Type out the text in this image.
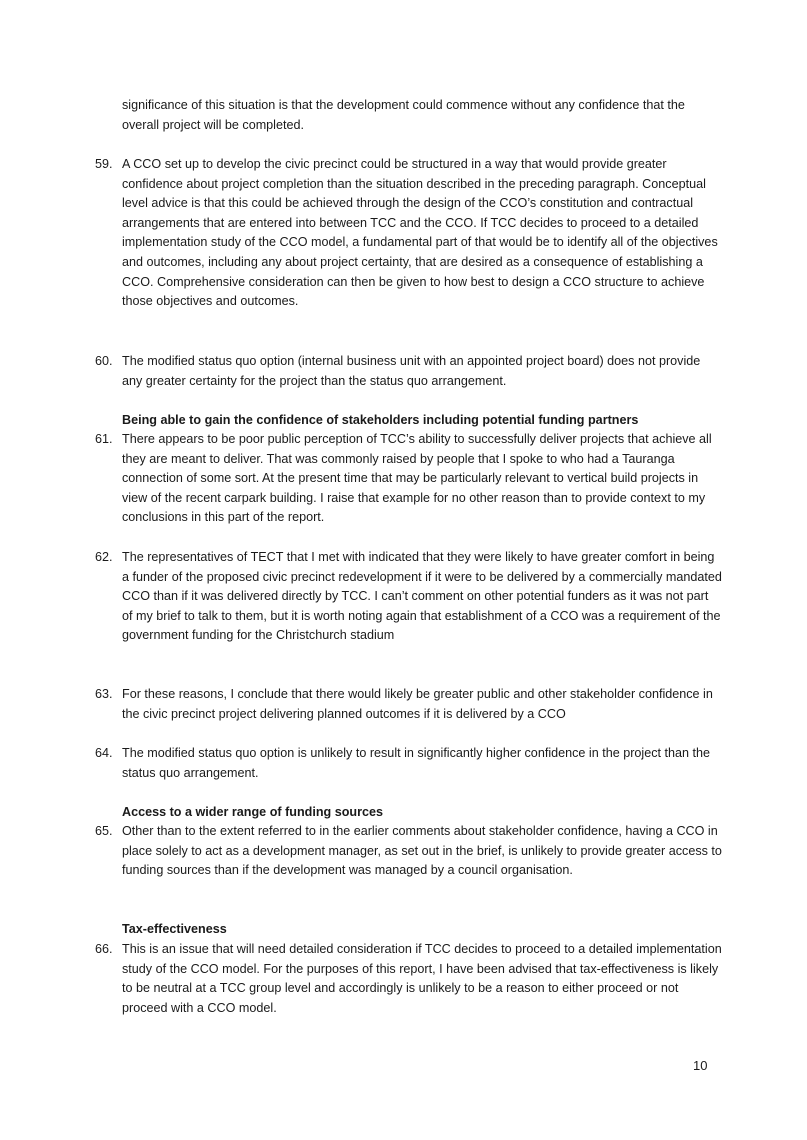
significance of this situation is that the development could commence without any confidence that the overall project will be completed.

59. A CCO set up to develop the civic precinct could be structured in a way that would provide greater confidence about project completion than the situation described in the preceding paragraph. Conceptual level advice is that this could be achieved through the design of the CCO’s constitution and contractual arrangements that are entered into between TCC and the CCO. If TCC decides to proceed to a detailed implementation study of the CCO model, a fundamental part of that would be to identify all of the objectives and outcomes, including any about project certainty, that are desired as a consequence of establishing a CCO. Comprehensive consideration can then be given to how best to design a CCO structure to achieve those objectives and outcomes.
60. The modified status quo option (internal business unit with an appointed project board) does not provide any greater certainty for the project than the status quo arrangement.
Being able to gain the confidence of stakeholders including potential funding partners
61. There appears to be poor public perception of TCC’s ability to successfully deliver projects that achieve all they are meant to deliver. That was commonly raised by people that I spoke to who had a Tauranga connection of some sort. At the present time that may be particularly relevant to vertical build projects in view of the recent carpark building. I raise that example for no other reason than to provide context to my conclusions in this part of the report.
62. The representatives of TECT that I met with indicated that they were likely to have greater comfort in being a funder of the proposed civic precinct redevelopment if it were to be delivered by a commercially mandated CCO than if it was delivered directly by TCC. I can’t comment on other potential funders as it was not part of my brief to talk to them, but it is worth noting again that establishment of a CCO was a requirement of the government funding for the Christchurch stadium
63. For these reasons, I conclude that there would likely be greater public and other stakeholder confidence in the civic precinct project delivering planned outcomes if it is delivered by a CCO
64. The modified status quo option is unlikely to result in significantly higher confidence in the project than the status quo arrangement.
Access to a wider range of funding sources
65. Other than to the extent referred to in the earlier comments about stakeholder confidence, having a CCO in place solely to act as a development manager, as set out in the brief, is unlikely to provide greater access to funding sources than if the development was managed by a council organisation.
Tax-effectiveness
66. This is an issue that will need detailed consideration if TCC decides to proceed to a detailed implementation study of the CCO model. For the purposes of this report, I have been advised that tax-effectiveness is likely to be neutral at a TCC group level and accordingly is unlikely to be a reason to either proceed or not proceed with a CCO model.
10
